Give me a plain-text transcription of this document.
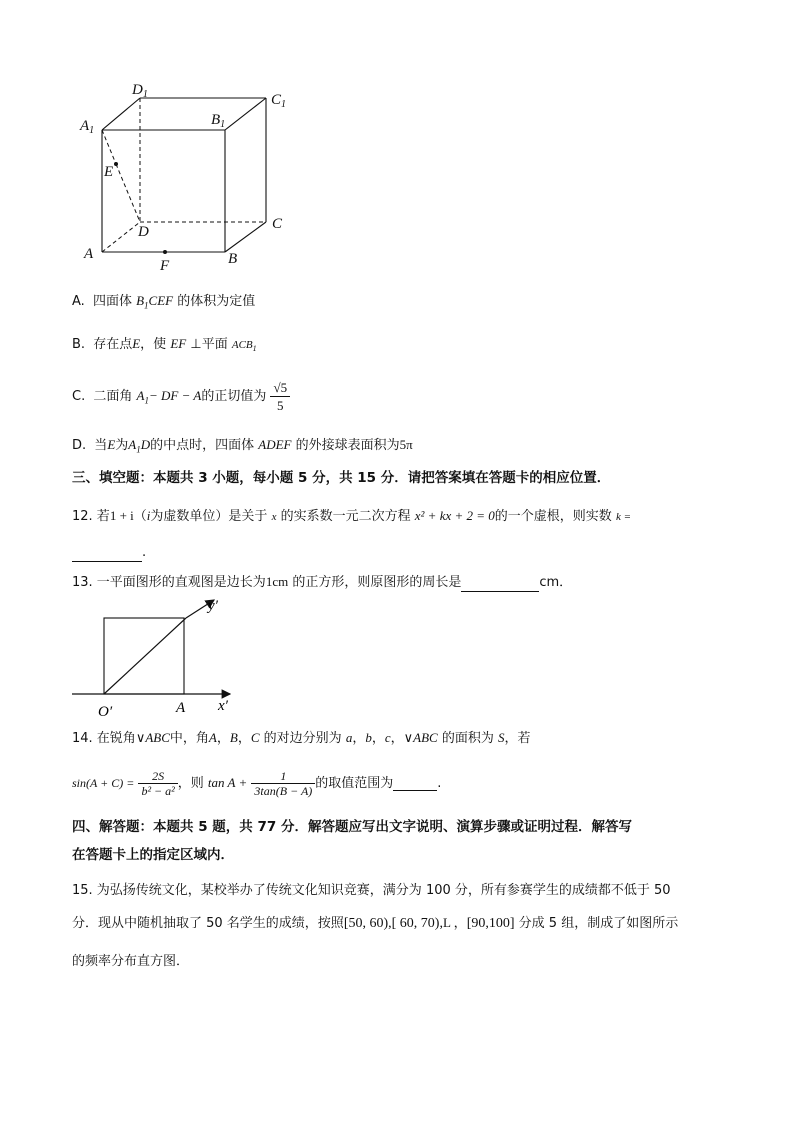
$D_1$	$C_1$
$A_1$
$B_1$
E
D	C
A
F	B
A. 四面体 $B_1CEF$ 的体积为定值
B. 存在点E，使 EF ⊥平面 $ACB_1$
C. 二面角 $A_1-$ DF − A的正切值为 $\frac{√5}{5}$
D. 当E为$A_1D$的中点时，四面体 ADEF 的外接球表面积为5π
三、填空题：本题共 3 小题，每小题 5 分，共 15 分．请把答案填在答题卡的相应位置．
12. 若1 + i（i为虚数单位）是关于 x 的实系数一元二次方程 x² + kx + 2 = 0的一个虚根，则实数 k =
.
13. 一平面图形的直观图是边长为1cm 的正方形，则原图形的周长是	cm．
y′
x′
O′	A
14. 在锐角∨ABC中，角A，B，C 的对边分别为 a，b，c，∨ABC 的面积为 S，若
$\sin(A + C) = \frac{2S}{\text{b² − a²}}$ ，则 $\tan A + \frac{1}{3\tan(B - A)}$ 的取值范围为	.
四、解答题：本题共 5 题，共 77 分．解答题应写出文字说明、演算步骤或证明过程．解答写
在答题卡上的指定区域内．
15. 为弘扬传统文化，某校举办了传统文化知识竞赛，满分为 100 分，所有参赛学生的成绩都不低于 50
分．现从中随机抽取了 50 名学生的成绩，按照[50, 60),[ 60, 70),L ，[90,100] 分成 5 组，制成了如图所示
的频率分布直方图．
